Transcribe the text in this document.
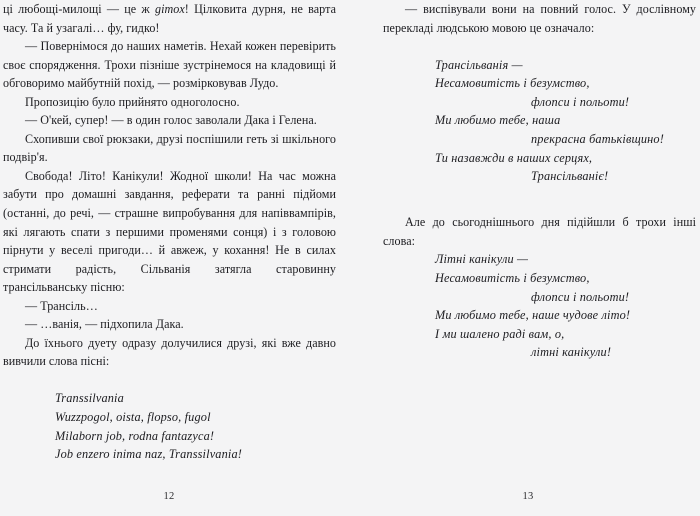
ці любощі-милощі — це ж gimox! Цілковита дурня, не варта часу. Та й узагалі… фу, гидко!

— Повернімося до наших наметів. Нехай кожен перевірить своє спорядження. Трохи пізніше зустрінемося на кладовищі й обговоримо майбутній похід, — розмірковував Лудо.

Пропозицію було прийнято одноголосно.

— О'кей, супер! — в один голос заволали Дака і Гелена.

Схопивши свої рюкзаки, друзі поспішили геть зі шкільного подвір'я.

Свобода! Літо! Канікули! Жодної школи! На час можна забути про домашні завдання, реферати та ранні підйоми (останні, до речі, — страшне випробування для напіввампірів, які лягають спати з першими променями сонця) і з головою пірнути у веселі пригоди… й авжеж, у кохання! Не в силах стримати радість, Сільванія затягла старовинну трансільванську пісню:

— Трансіль…

— …ванія, — підхопила Дака.

До їхнього дуету одразу долучилися друзі, які вже давно вивчили слова пісні:

Transsilvania
Wuzzpogol, oista, flopso, fugol
Milaborn job, rodna fantazyca!
Job enzero inima naz, Transsilvania!
12

— виспівували вони на повний голос. У дослівному перекладі людською мовою це означало:

Трансільванія —
Несамовитість і безумство,
флопси і польоти!
Ми любимо тебе, наша
прекрасна батьківщино!
Ти назавжди в наших серцях,
Трансільваніє!

Але до сьогоднішнього дня підійшли б трохи інші слова:

Літні канікули —
Несамовитість і безумство,
флопси і польоти!
Ми любимо тебе, наше чудове літо!
І ми шалено раді вам, о,
літні канікули!
13
